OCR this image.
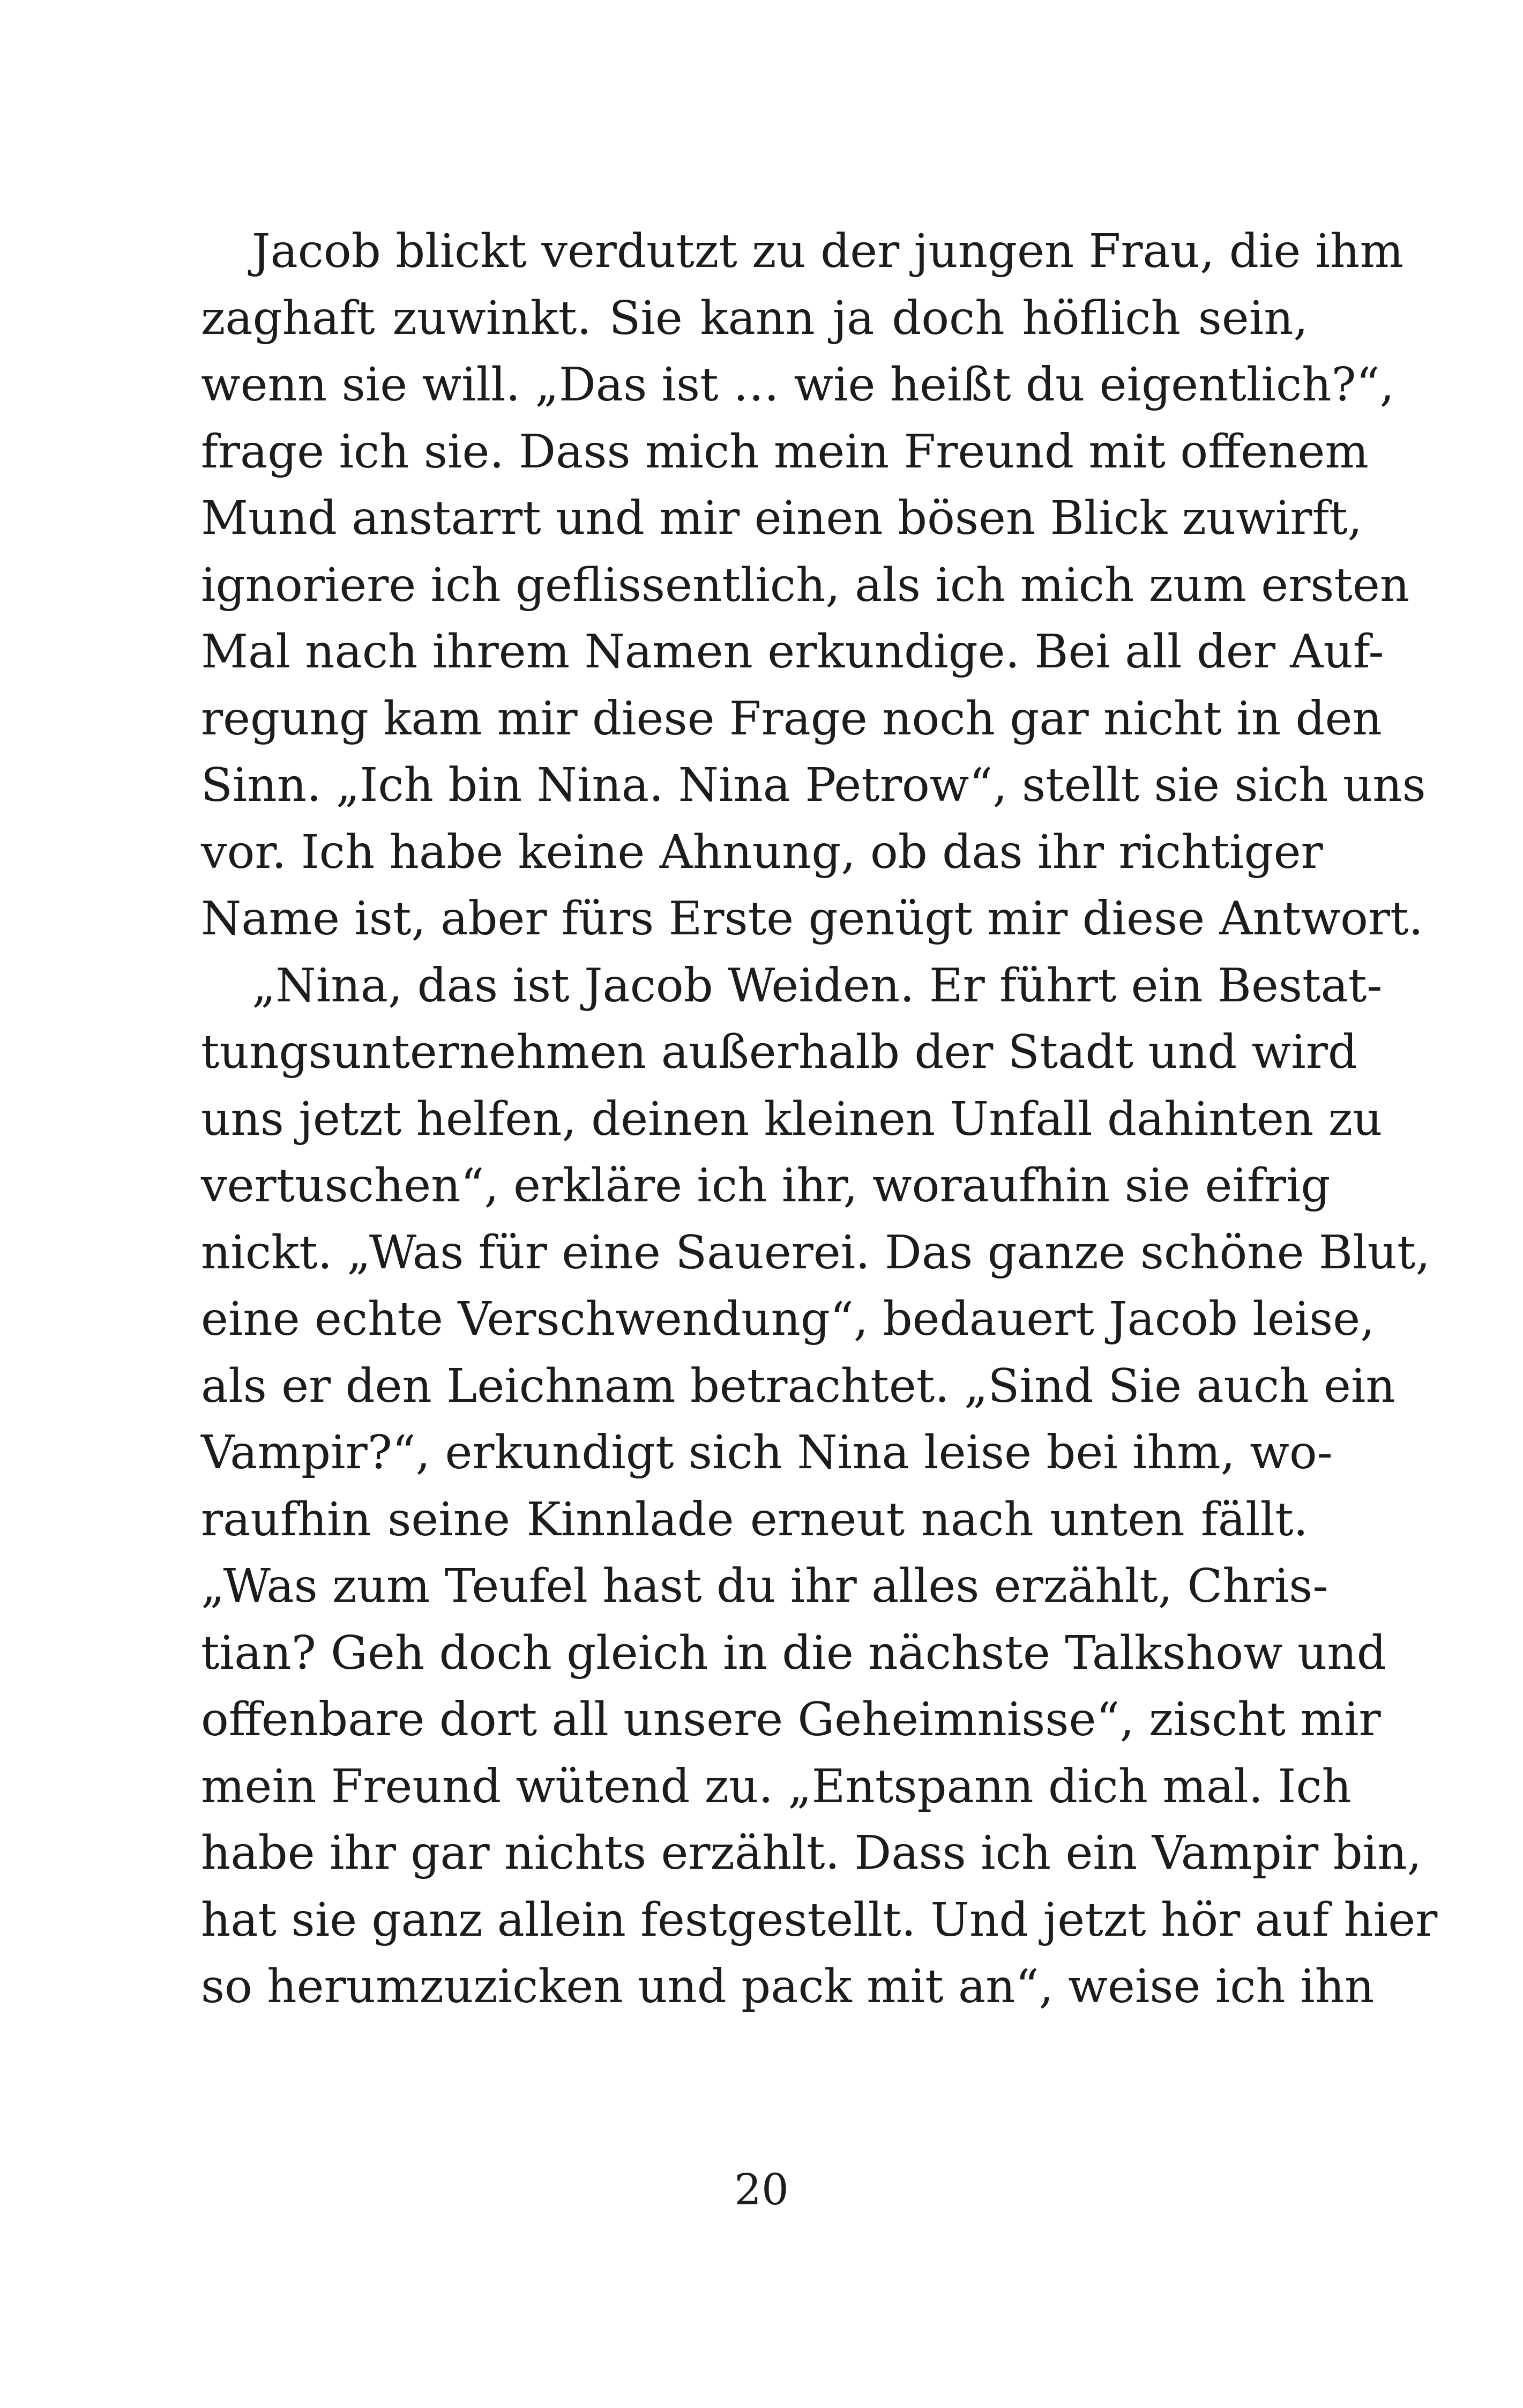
Jacob blickt verdutzt zu der jungen Frau, die ihm
zaghaft zuwinkt. Sie kann ja doch höflich sein,
wenn sie will. „Das ist … wie heißt du eigentlich?“,
frage ich sie. Dass mich mein Freund mit offenem
Mund anstarrt und mir einen bösen Blick zuwirft,
ignoriere ich geflissentlich, als ich mich zum ersten
Mal nach ihrem Namen erkundige. Bei all der Auf-
regung kam mir diese Frage noch gar nicht in den
Sinn. „Ich bin Nina. Nina Petrow“, stellt sie sich uns
vor. Ich habe keine Ahnung, ob das ihr richtiger
Name ist, aber fürs Erste genügt mir diese Antwort.
„Nina, das ist Jacob Weiden. Er führt ein Bestat-
tungsunternehmen außerhalb der Stadt und wird
uns jetzt helfen, deinen kleinen Unfall dahinten zu
vertuschen“, erkläre ich ihr, woraufhin sie eifrig
nickt. „Was für eine Sauerei. Das ganze schöne Blut,
eine echte Verschwendung“, bedauert Jacob leise,
als er den Leichnam betrachtet. „Sind Sie auch ein
Vampir?“, erkundigt sich Nina leise bei ihm, wo-
raufhin seine Kinnlade erneut nach unten fällt.
„Was zum Teufel hast du ihr alles erzählt, Chris-
tian? Geh doch gleich in die nächste Talkshow und
offenbare dort all unsere Geheimnisse“, zischt mir
mein Freund wütend zu. „Entspann dich mal. Ich
habe ihr gar nichts erzählt. Dass ich ein Vampir bin,
hat sie ganz allein festgestellt. Und jetzt hör auf hier
so herumzuzicken und pack mit an“, weise ich ihn
20
